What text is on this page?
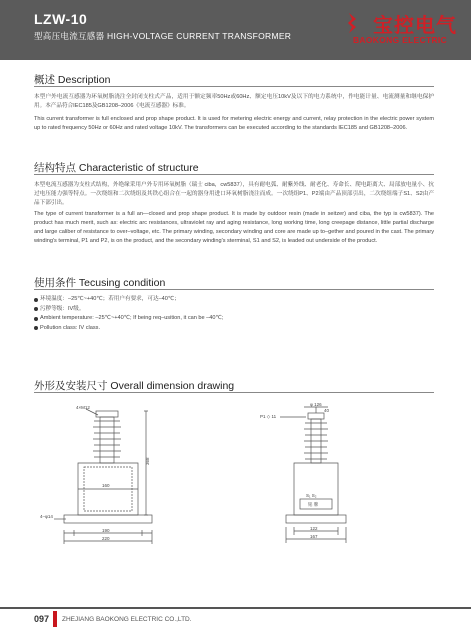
LZW-10
型高压电流互感器 HIGH-VOLTAGE CURRENT TRANSFORMER	宝控电气
BAOKONG ELECTRIC
概述 Description

本型户外电流互感器为环氧树脂浇注全封闭支柱式产品，适用于额定频率50Hz或60Hz、额定电压10kV及以下的电力系统中，作电能计量、电流测量和继电保护用。本产品符合IEC185及GB1208–2006《电流互感器》标准。

This current transformer is full enclosed and prop shape product. It is used for metering electric energy and current, relay protection in the electric power system up to rated frequency 50Hz or 60Hz and rated voltage 10kV. The transformers can be executed according to the standards IEC185 and GB1208–2006.

结构特点 Characteristic of structure

本型电流互感器为支柱式结构，外绝缘采用户外专用环氧树脂（瑞士 ciba，cw5837），具有耐电弧、耐紫外线、耐老化、寿命长、爬电距离大、局部放电量小、抗过电压能力强等特点。一次绕组和二次绕组及其铁心组合在一起的器身用进口环氧树脂浇注而成。一次绕组P1、P2端由产品顶部引出，二次绕组端子S1、S2由产品下部引出。

The type of current transformer is a full an—closed and prop shape product. It is made by outdoor resin (made in seitzer) and ciba, the typ is cw5837). The product has much merit, such as: electric arc resistances, ultraviolet ray and aging resistance, long working time, long creepage distance, little partial discharge and large caliber of resistance to over–voltage, etc. The primary winding, secondary winding and core are made up to–gether and poured in the cast. The primary winding's terminal, P1 and P2, is on the product, and the secondary winding's sterminal, S1 and S2, is leaded out underside of the product.

使用条件 Tecusing condition
环境温度：–25℃~+40℃；若用户有要求，可达–40℃；
污秽等级：IV级。
Ambient temperature: –25℃~+40℃; If being req–usition, it can be –40℃;
Pollution class: IV class.
外形及安装尺寸 Overall dimension drawing
4×M12
368
160
4–φ14
190
220
φ 126
40
P1 ◇ 11
S₁ S₂
铭 牌
122
167
097 ZHEJIANG BAOKONG ELECTRIC CO.,LTD.
